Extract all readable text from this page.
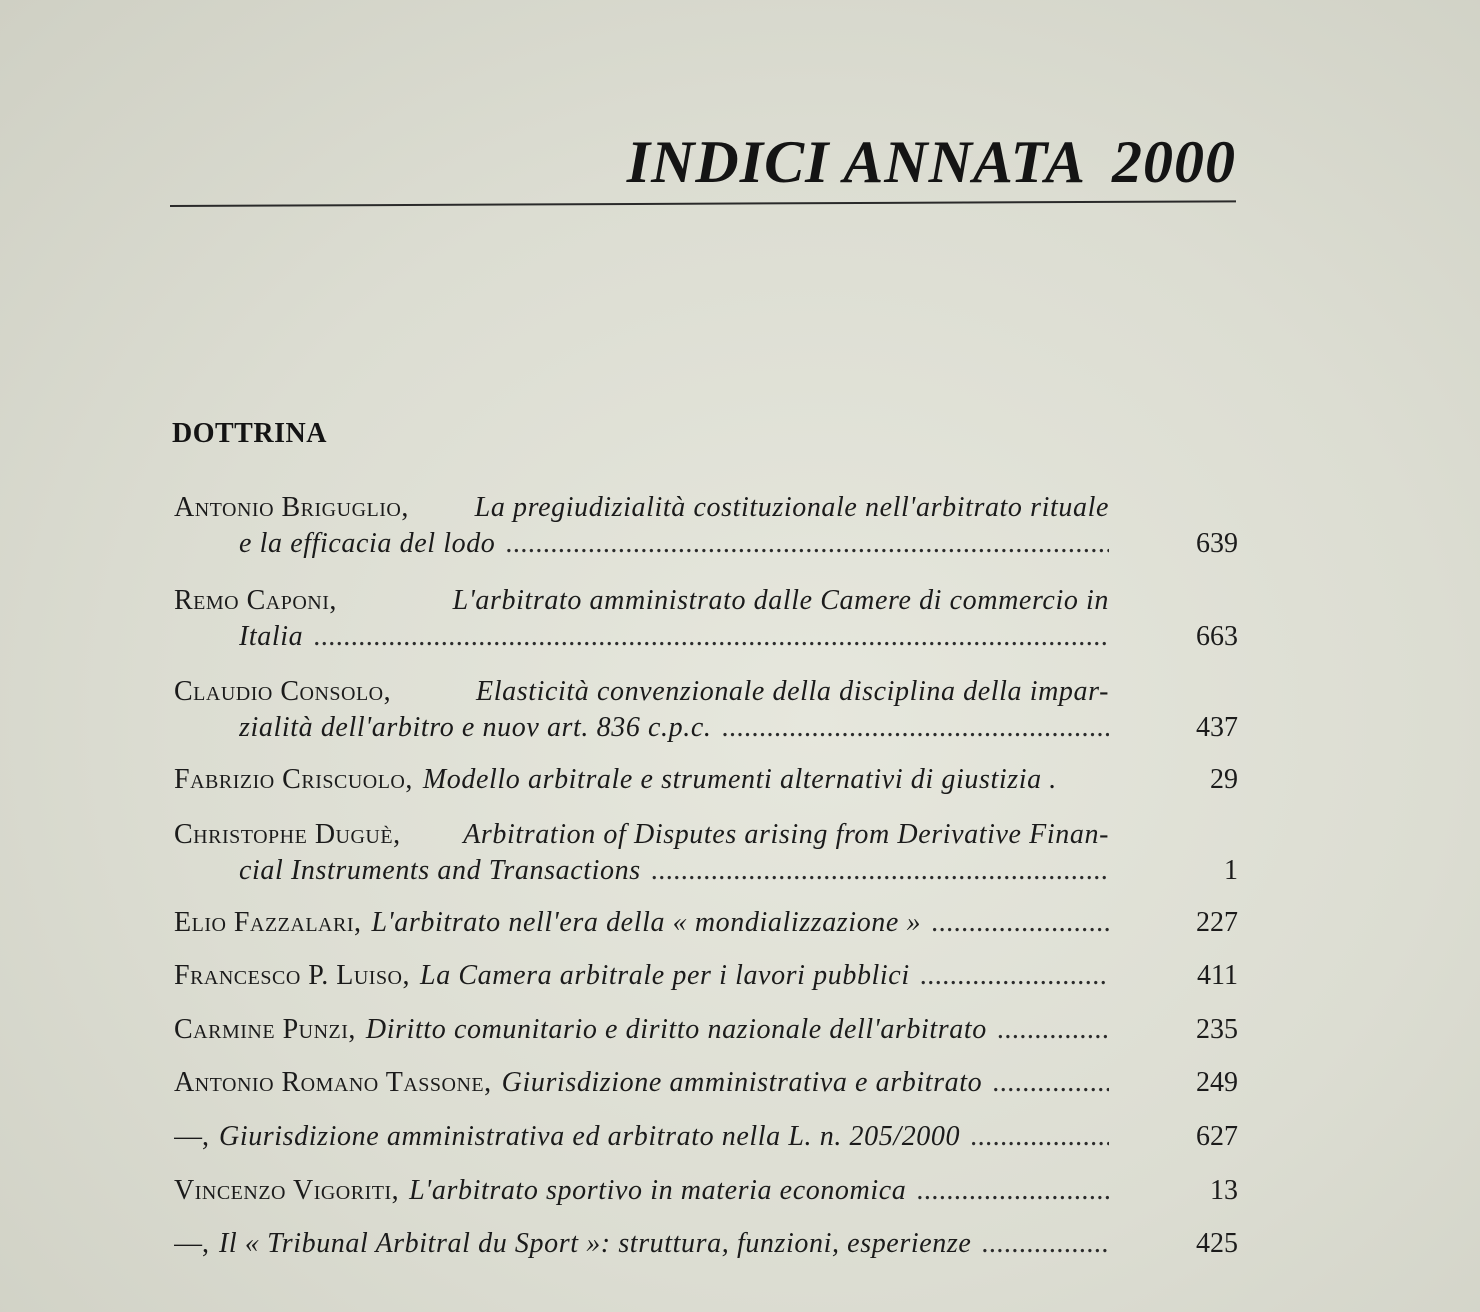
INDICI ANNATA 2000
DOTTRINA
Antonio Briguglio, La pregiudizialità costituzionale nell'arbitrato rituale
e la efficacia del lodo .....	639
Remo Caponi,	L'arbitrato amministrato dalle Camere di commercio in
Italia .....	663
Claudio Consolo,	Elasticità convenzionale della disciplina della impar-
zialità dell'arbitro e nuov art. 836 c.p.c. .....	437
Fabrizio Criscuolo, Modello arbitrale e strumenti alternativi di giustizia .	29
Christophe Duguè, Arbitration of Disputes arising from Derivative Finan-
cial Instruments and Transactions .....	1
Elio Fazzalari, L'arbitrato nell'era della « mondializzazione » .....	227
Francesco P. Luiso, La Camera arbitrale per i lavori pubblici .....	411
Carmine Punzi, Diritto comunitario e diritto nazionale dell'arbitrato .....	235
Antonio Romano Tassone, Giurisdizione amministrativa e arbitrato .....	249
—, Giurisdizione amministrativa ed arbitrato nella L. n. 205/2000 .....	627
Vincenzo Vigoriti, L'arbitrato sportivo in materia economica .....	13
—, Il « Tribunal Arbitral du Sport »: struttura, funzioni, esperienze .....	425
